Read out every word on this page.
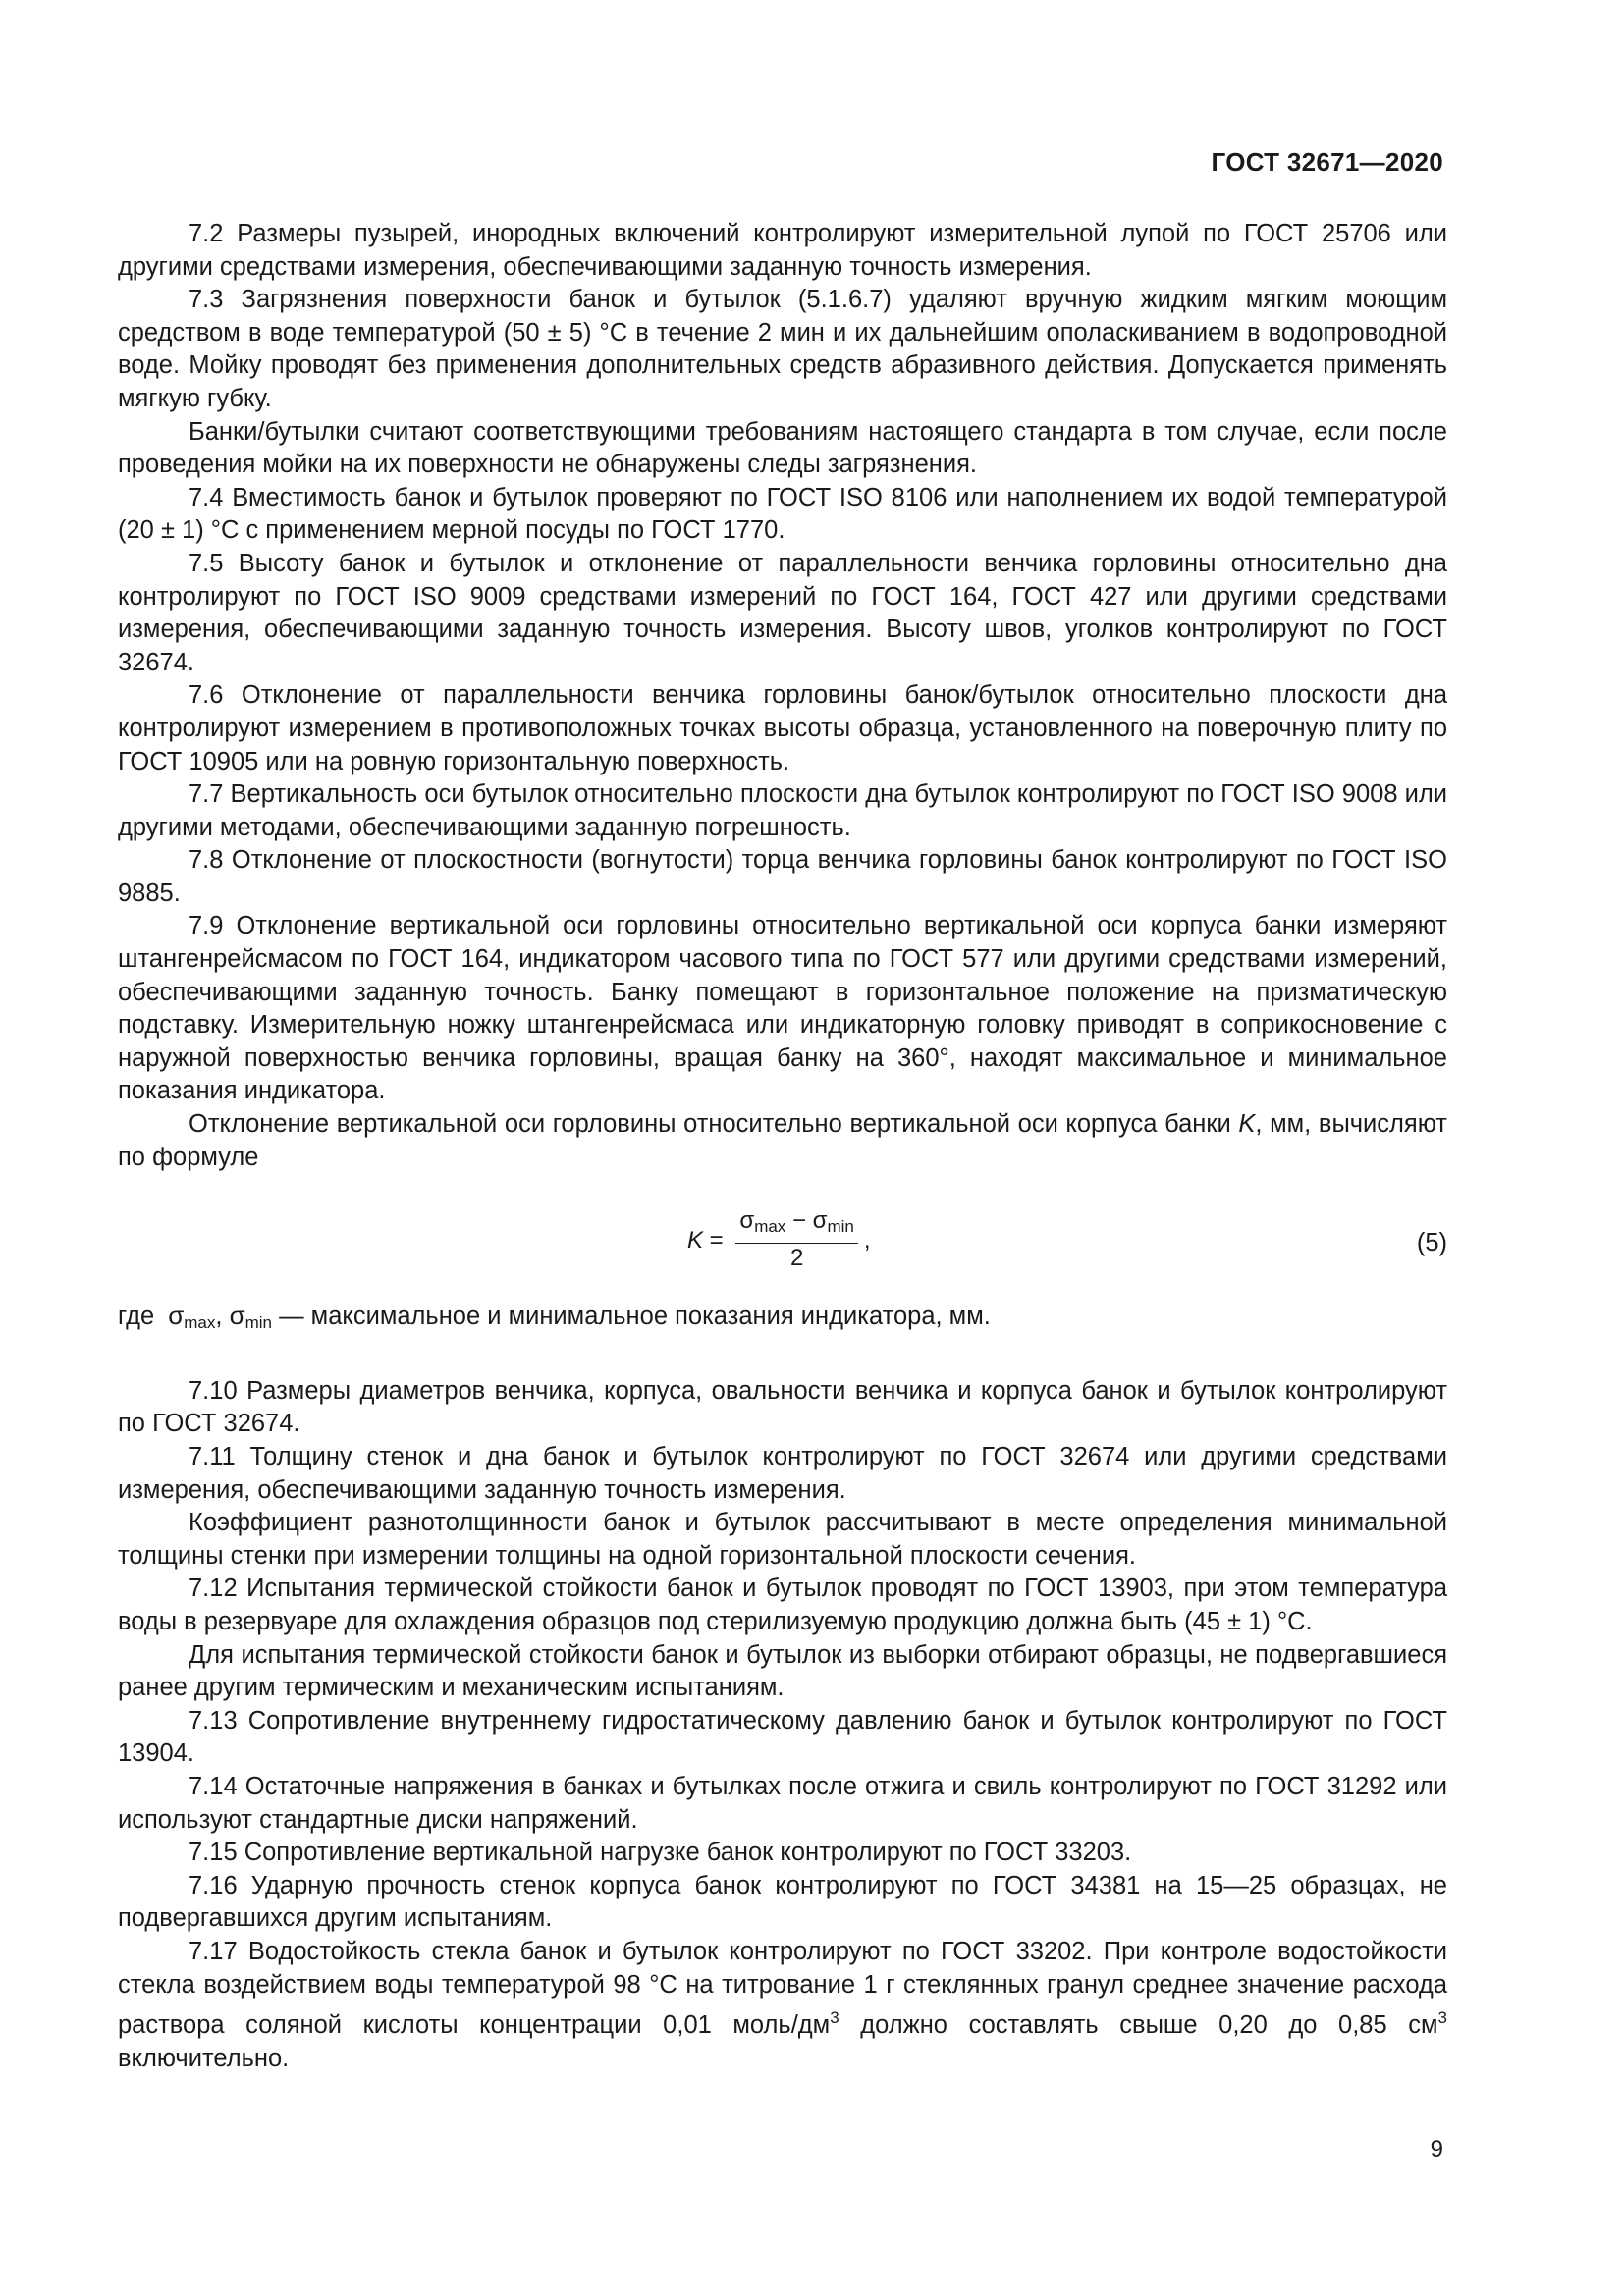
ГОСТ 32671—2020

7.2 Размеры пузырей, инородных включений контролируют измерительной лупой по ГОСТ 25706 или другими средствами измерения, обеспечивающими заданную точность измерения.

7.3 Загрязнения поверхности банок и бутылок (5.1.6.7) удаляют вручную жидким мягким моющим средством в воде температурой (50 ± 5) °С в течение 2 мин и их дальнейшим ополаскиванием в водопроводной воде. Мойку проводят без применения дополнительных средств абразивного действия. Допускается применять мягкую губку.

Банки/бутылки считают соответствующими требованиям настоящего стандарта в том случае, если после проведения мойки на их поверхности не обнаружены следы загрязнения.

7.4 Вместимость банок и бутылок проверяют по ГОСТ ISO 8106 или наполнением их водой температурой (20 ± 1) °С с применением мерной посуды по ГОСТ 1770.

7.5 Высоту банок и бутылок и отклонение от параллельности венчика горловины относительно дна контролируют по ГОСТ ISO 9009 средствами измерений по ГОСТ 164, ГОСТ 427 или другими средствами измерения, обеспечивающими заданную точность измерения. Высоту швов, уголков контролируют по ГОСТ 32674.

7.6 Отклонение от параллельности венчика горловины банок/бутылок относительно плоскости дна контролируют измерением в противоположных точках высоты образца, установленного на поверочную плиту по ГОСТ 10905 или на ровную горизонтальную поверхность.

7.7 Вертикальность оси бутылок относительно плоскости дна бутылок контролируют по ГОСТ ISO 9008 или другими методами, обеспечивающими заданную погрешность.

7.8 Отклонение от плоскостности (вогнутости) торца венчика горловины банок контролируют по ГОСТ ISO 9885.

7.9 Отклонение вертикальной оси горловины относительно вертикальной оси корпуса банки измеряют штангенрейсмасом по ГОСТ 164, индикатором часового типа по ГОСТ 577 или другими средствами измерений, обеспечивающими заданную точность. Банку помещают в горизонтальное положение на призматическую подставку. Измерительную ножку штангенрейсмаса или индикаторную головку приводят в соприкосновение с наружной поверхностью венчика горловины, вращая банку на 360°, находят максимальное и минимальное показания индикатора.

Отклонение вертикальной оси горловины относительно вертикальной оси корпуса банки K, мм, вычисляют по формуле

$K = \frac{\sigma_{max} - \sigma_{min}}{2}$ ,	(5)

где $\sigma_{max}$, $\sigma_{min}$ — максимальное и минимальное показания индикатора, мм.

7.10 Размеры диаметров венчика, корпуса, овальности венчика и корпуса банок и бутылок контролируют по ГОСТ 32674.

7.11 Толщину стенок и дна банок и бутылок контролируют по ГОСТ 32674 или другими средствами измерения, обеспечивающими заданную точность измерения.

Коэффициент разнотолщинности банок и бутылок рассчитывают в месте определения минимальной толщины стенки при измерении толщины на одной горизонтальной плоскости сечения.

7.12 Испытания термической стойкости банок и бутылок проводят по ГОСТ 13903, при этом температура воды в резервуаре для охлаждения образцов под стерилизуемую продукцию должна быть (45 ± 1) °С.

Для испытания термической стойкости банок и бутылок из выборки отбирают образцы, не подвергавшиеся ранее другим термическим и механическим испытаниям.

7.13 Сопротивление внутреннему гидростатическому давлению банок и бутылок контролируют по ГОСТ 13904.

7.14 Остаточные напряжения в банках и бутылках после отжига и свиль контролируют по ГОСТ 31292 или используют стандартные диски напряжений.

7.15 Сопротивление вертикальной нагрузке банок контролируют по ГОСТ 33203.

7.16 Ударную прочность стенок корпуса банок контролируют по ГОСТ 34381 на 15—25 образцах, не подвергавшихся другим испытаниям.

7.17 Водостойкость стекла банок и бутылок контролируют по ГОСТ 33202. При контроле водостойкости стекла воздействием воды температурой 98 °С на титрование 1 г стеклянных гранул среднее значение расхода раствора соляной кислоты концентрации 0,01 моль/$дм^3$ должно составлять свыше 0,20 до 0,85 $см^3$ включительно.

9
